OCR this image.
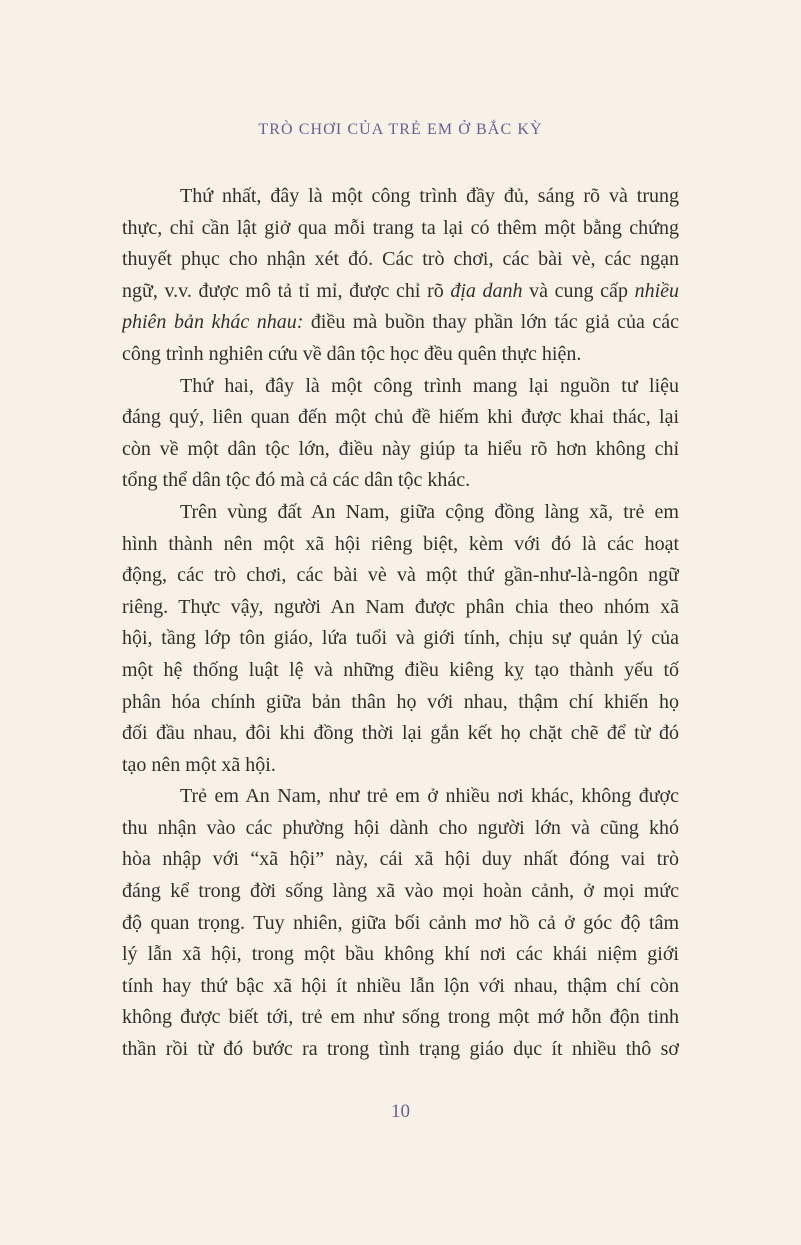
TRÒ CHƠI CỦA TRẺ EM Ở BẮC KỲ
Thứ nhất, đây là một công trình đầy đủ, sáng rõ và trung
thực, chỉ cần lật giở qua mỗi trang ta lại có thêm một bằng chứng
thuyết phục cho nhận xét đó. Các trò chơi, các bài vè, các ngạn
ngữ, v.v. được mô tả tỉ mỉ, được chỉ rõ địa danh và cung cấp nhiều
phiên bản khác nhau: điều mà buồn thay phần lớn tác giả của các
công trình nghiên cứu về dân tộc học đều quên thực hiện.
Thứ hai, đây là một công trình mang lại nguồn tư liệu
đáng quý, liên quan đến một chủ đề hiếm khi được khai thác, lại
còn về một dân tộc lớn, điều này giúp ta hiểu rõ hơn không chỉ
tổng thể dân tộc đó mà cả các dân tộc khác.
Trên vùng đất An Nam, giữa cộng đồng làng xã, trẻ em
hình thành nên một xã hội riêng biệt, kèm với đó là các hoạt
động, các trò chơi, các bài vè và một thứ gần-như-là-ngôn ngữ
riêng. Thực vậy, người An Nam được phân chia theo nhóm xã
hội, tầng lớp tôn giáo, lứa tuổi và giới tính, chịu sự quản lý của
một hệ thống luật lệ và những điều kiêng kỵ tạo thành yếu tố
phân hóa chính giữa bản thân họ với nhau, thậm chí khiến họ
đối đầu nhau, đôi khi đồng thời lại gắn kết họ chặt chẽ để từ đó
tạo nên một xã hội.
Trẻ em An Nam, như trẻ em ở nhiều nơi khác, không được
thu nhận vào các phường hội dành cho người lớn và cũng khó
hòa nhập với “xã hội” này, cái xã hội duy nhất đóng vai trò
đáng kể trong đời sống làng xã vào mọi hoàn cảnh, ở mọi mức
độ quan trọng. Tuy nhiên, giữa bối cảnh mơ hồ cả ở góc độ tâm
lý lẫn xã hội, trong một bầu không khí nơi các khái niệm giới
tính hay thứ bậc xã hội ít nhiều lẫn lộn với nhau, thậm chí còn
không được biết tới, trẻ em như sống trong một mớ hỗn độn tinh
thần rồi từ đó bước ra trong tình trạng giáo dục ít nhiều thô sơ
10
